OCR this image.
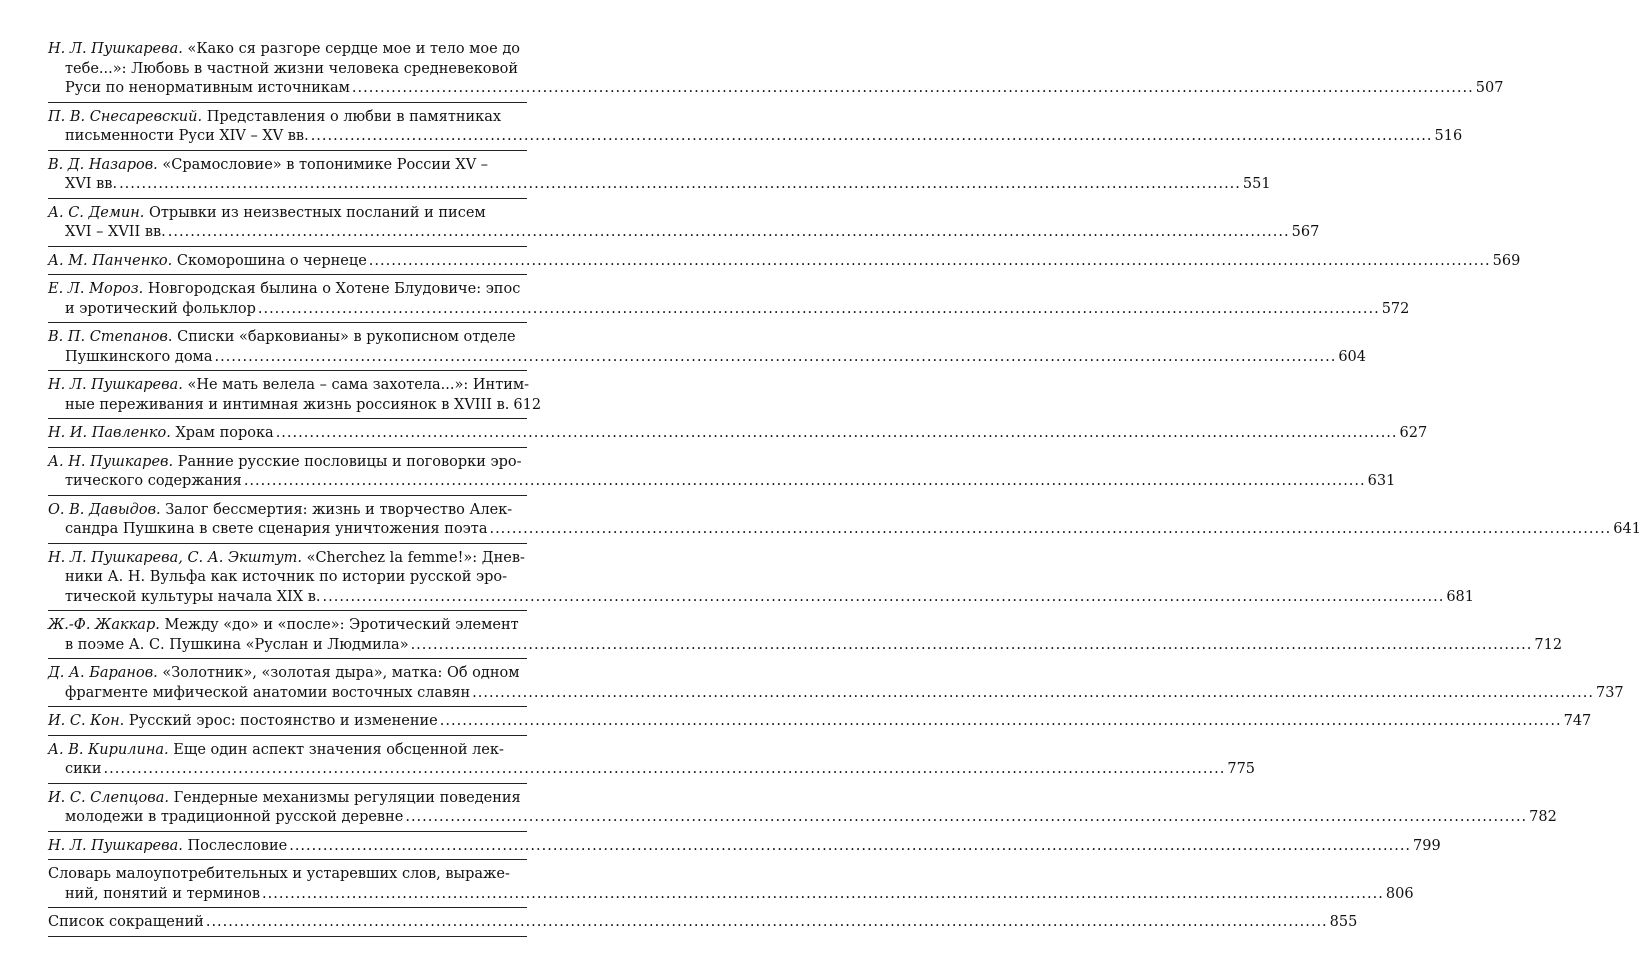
Н. Л. Пушкарева. «Како ся разгоре сердце мое и тело мое до
тебе...»: Любовь в частной жизни человека средневековой
Руси по ненормативным источникам ........................................................................................................................................................................................................ 507
П. В. Снесаревский. Представления о любви в памятниках
письменности Руси XIV – XV вв. ........................................................................................................................................................................................................ 516
В. Д. Назаров. «Срамословие» в топонимике России XV –
XVI вв. ........................................................................................................................................................................................................ 551
А. С. Демин. Отрывки из неизвестных посланий и писем
XVI – XVII вв. ........................................................................................................................................................................................................ 567
А. М. Панченко. Скоморошина о чернеце ........................................................................................................................................................................................................ 569
Е. Л. Мороз. Новгородская былина о Хотене Блудовиче: эпос
и эротический фольклор ........................................................................................................................................................................................................ 572
В. П. Степанов. Списки «барковианы» в рукописном отделе
Пушкинского дома ........................................................................................................................................................................................................ 604
Н. Л. Пушкарева. «Не мать велела – сама захотела...»: Интим-
ные переживания и интимная жизнь россиянок в XVIII в. 612
Н. И. Павленко. Храм порока ........................................................................................................................................................................................................ 627
А. Н. Пушкарев. Ранние русские пословицы и поговорки эро-
тического содержания ........................................................................................................................................................................................................ 631
О. В. Давыдов. Залог бессмертия: жизнь и творчество Алек-
сандра Пушкина в свете сценария уничтожения поэта ........................................................................................................................................................................................................ 641
Н. Л. Пушкарева, С. А. Экштут. «Cherchez la femme!»: Днев-
ники А. Н. Вульфа как источник по истории русской эро-
тической культуры начала XIX в. ........................................................................................................................................................................................................ 681
Ж.-Ф. Жаккар. Между «до» и «после»: Эротический элемент
в поэме А. С. Пушкина «Руслан и Людмила» ........................................................................................................................................................................................................ 712
Д. А. Баранов. «Золотник», «золотая дыра», матка: Об одном
фрагменте мифической анатомии восточных славян ........................................................................................................................................................................................................ 737
И. С. Кон. Русский эрос: постоянство и изменение ........................................................................................................................................................................................................ 747
А. В. Кирилина. Еще один аспект значения обсценной лек-
сики ........................................................................................................................................................................................................ 775
И. С. Слепцова. Гендерные механизмы регуляции поведения
молодежи в традиционной русской деревне ........................................................................................................................................................................................................ 782
Н. Л. Пушкарева. Послесловие ........................................................................................................................................................................................................ 799
Словарь малоупотребительных и устаревших слов, выраже-
ний, понятий и терминов ........................................................................................................................................................................................................ 806
Список сокращений ........................................................................................................................................................................................................ 855
